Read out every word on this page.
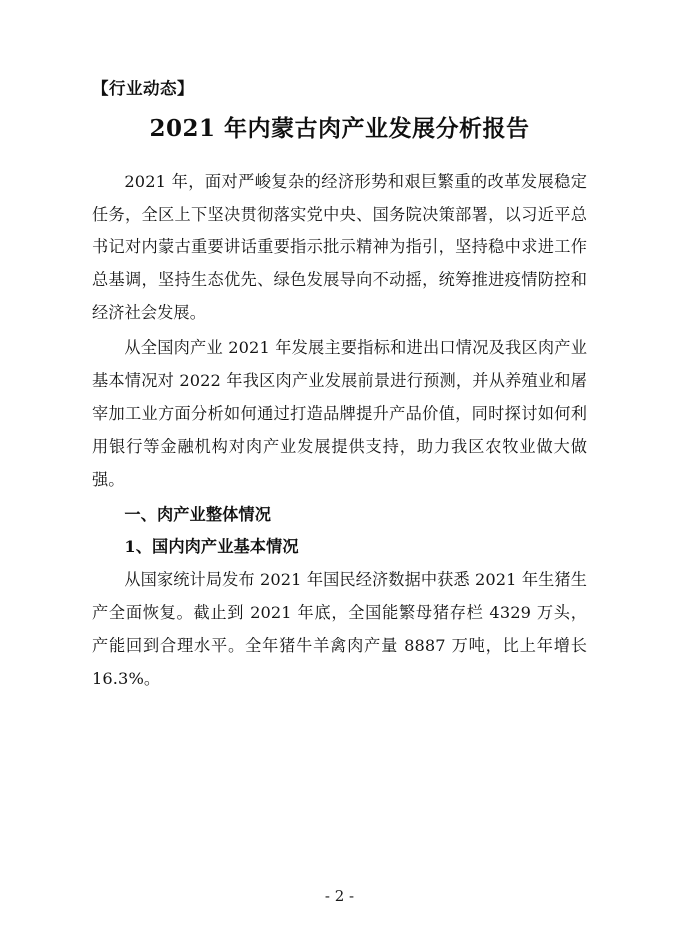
【行业动态】
2021 年内蒙古肉产业发展分析报告

2021 年，面对严峻复杂的经济形势和艰巨繁重的改革发展稳定任务，全区上下坚决贯彻落实党中央、国务院决策部署，以习近平总书记对内蒙古重要讲话重要指示批示精神为指引，坚持稳中求进工作总基调，坚持生态优先、绿色发展导向不动摇，统筹推进疫情防控和经济社会发展。

从全国肉产业 2021 年发展主要指标和进出口情况及我区肉产业基本情况对 2022 年我区肉产业发展前景进行预测，并从养殖业和屠宰加工业方面分析如何通过打造品牌提升产品价值，同时探讨如何利用银行等金融机构对肉产业发展提供支持，助力我区农牧业做大做强。

一、肉产业整体情况
1、国内肉产业基本情况

从国家统计局发布 2021 年国民经济数据中获悉 2021 年生猪生产全面恢复。截止到 2021 年底，全国能繁母猪存栏 4329 万头，产能回到合理水平。全年猪牛羊禽肉产量 8887 万吨，比上年增长 16.3%。

- 2 -
